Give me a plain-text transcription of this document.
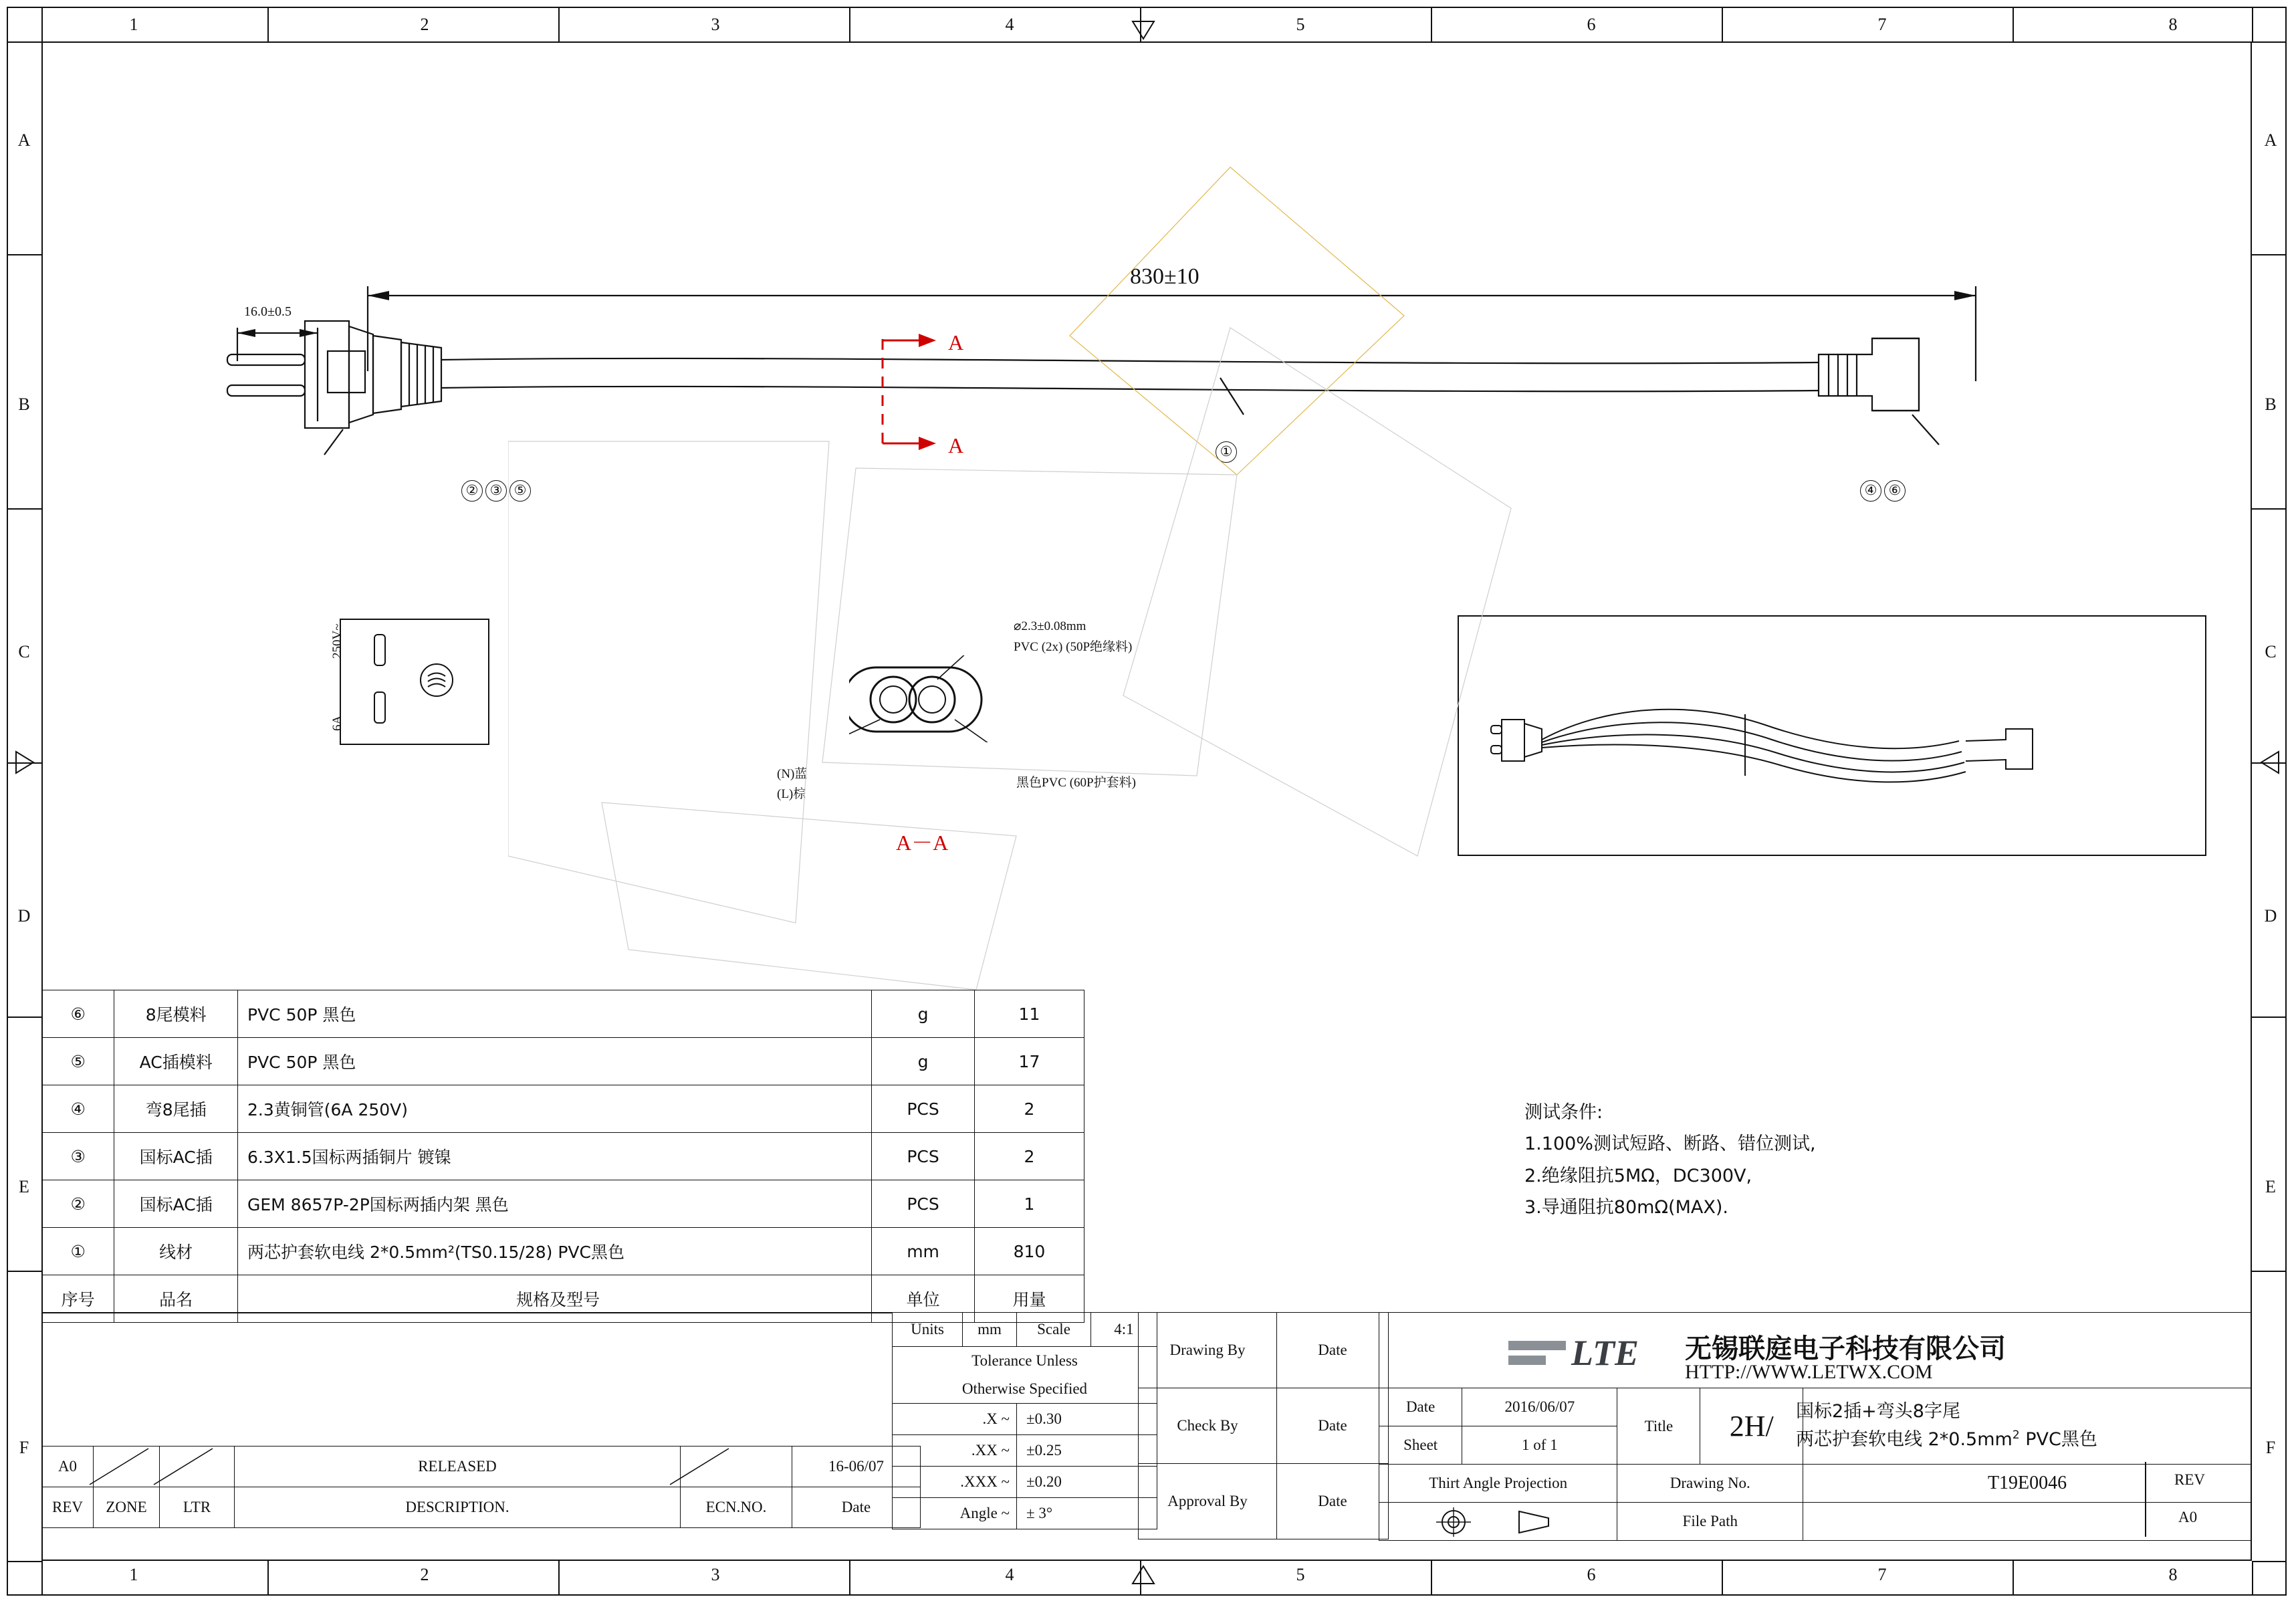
1	2	3	4	5	6	7	8
1	2	3	4	5	6	7	8
A
B
C
D
E
F
A
B
C
D
E
F
830±10
16.0±0.5
A
A	①
② ③ ⑤	④ ⑥
250V~
6A
⌀2.3±0.08mm
PVC (2x) (50P绝缘料)
黑色PVC (60P护套料)
(N)蓝
(L)棕
A－A
⑥	8尾模料	PVC 50P 黑色	g	11
⑤	AC插模料	PVC 50P 黑色	g	17
④	弯8尾插	2.3黄铜管(6A 250V)	PCS	2
③	国标AC插	6.3X1.5国标两插铜片 镀镍	PCS	2
②	国标AC插	GEM 8657P-2P国标两插内架 黑色	PCS	1
①	线材	两芯护套软电线 2*0.5mm²(TS0.15/28) PVC黑色	mm	810
序号	品名	规格及型号	单位	用量
测试条件:
1.100%测试短路、断路、错位测试,
2.绝缘阻抗5MΩ，DC300V,
3.导通阻抗80mΩ(MAX).
A0			RELEASED		16-06/07
REV	ZONE	LTR	DESCRIPTION.	ECN.NO.	Date
Units	mm	Scale	4:1
Tolerance Unless			
Otherwise Specified			
.X ~		±0.30	
.XX ~		±0.25	
.XXX ~		±0.20	
Angle ~		± 3°	
Drawing By	Date
Check By	Date
Approval By	Date

Date	2016/06/07	Title	2H/	
Sheet	1 of 1			
Thirt Angle Projection		Drawing No.		T19E0046
		File Path		
REV
A0
国标2插+弯头8字尾
两芯护套软电线 $2*0.5mm^2$ PVC黑色
LTE 无锡联庭电子科技有限公司
HTTP://WWW.LETWX.COM
